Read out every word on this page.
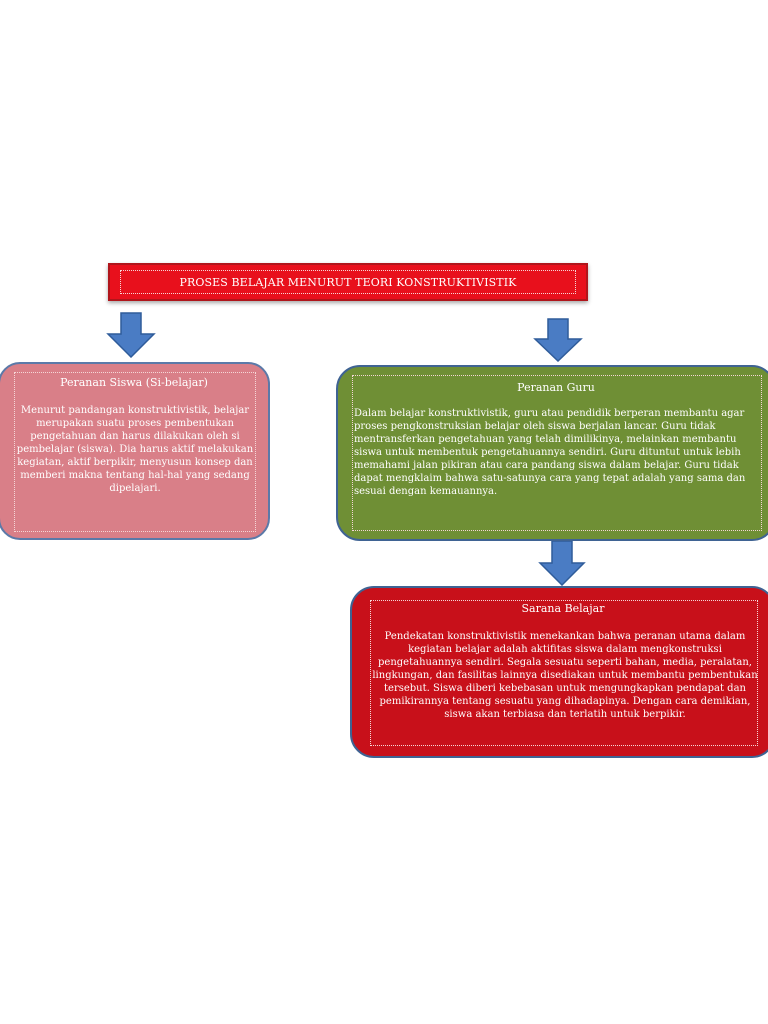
PROSES BELAJAR MENURUT TEORI KONSTRUKTIVISTIK
Peranan Siswa (Si-belajar)
Menurut pandangan konstruktivistik, belajar merupakan suatu proses pembentukan pengetahuan dan harus dilakukan oleh si pembelajar (siswa). Dia harus aktif melakukan kegiatan, aktif berpikir, menyusun konsep dan memberi makna tentang hal-hal yang sedang dipelajari.
Peranan Guru
Dalam belajar konstruktivistik, guru atau pendidik berperan membantu agar proses pengkonstruksian belajar oleh siswa berjalan lancar. Guru tidak mentransferkan pengetahuan yang telah dimilikinya, melainkan membantu siswa untuk membentuk pengetahuannya sendiri. Guru dituntut untuk lebih memahami jalan pikiran atau cara pandang siswa dalam belajar. Guru tidak dapat mengklaim bahwa satu-satunya cara yang tepat adalah yang sama dan sesuai dengan kemauannya.
Sarana Belajar
Pendekatan konstruktivistik menekankan bahwa peranan utama dalam kegiatan belajar adalah aktifitas siswa dalam mengkonstruksi pengetahuannya sendiri. Segala sesuatu seperti bahan, media, peralatan, lingkungan, dan fasilitas lainnya disediakan untuk membantu pembentukan tersebut. Siswa diberi kebebasan untuk mengungkapkan pendapat dan pemikirannya tentang sesuatu yang dihadapinya. Dengan cara demikian, siswa akan terbiasa dan terlatih untuk berpikir.
